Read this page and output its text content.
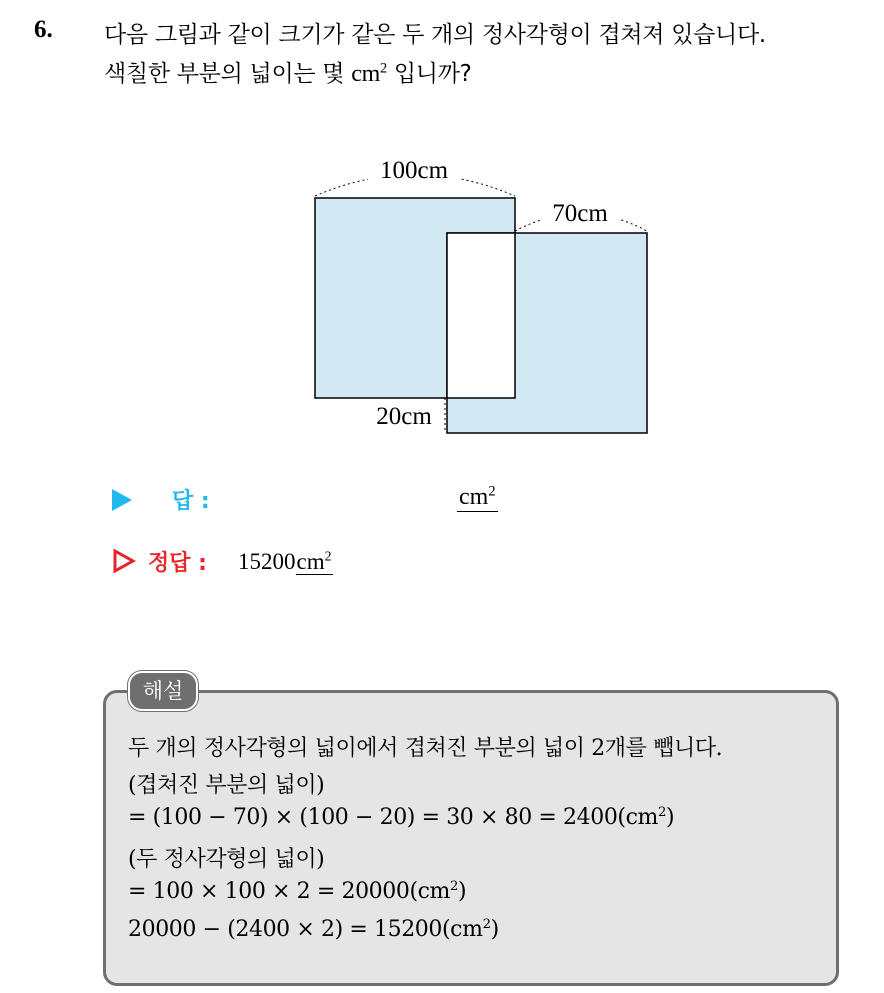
6. 다음 그림과 같이 크기가 같은 두 개의 정사각형이 겹쳐져 있습니다.
색칠한 부분의 넓이는 몇 $cm^2$ 입니까?
100cm
70cm
20cm
답 :	$cm^2$
정답 : $15200cm^2$
두 개의 정사각형의 넓이에서 겹쳐진 부분의 넓이 2개를 뺍니다.
(겹쳐진 부분의 넓이)
= $(100 - 70) \times (100 - 20) = 30 \times 80 = 2400(cm^2)$
(두 정사각형의 넓이)
= $100 \times 100 \times 2 = 20000(cm^2)$
$20000 - (2400 \times 2) = 15200(cm^2)$
해설
